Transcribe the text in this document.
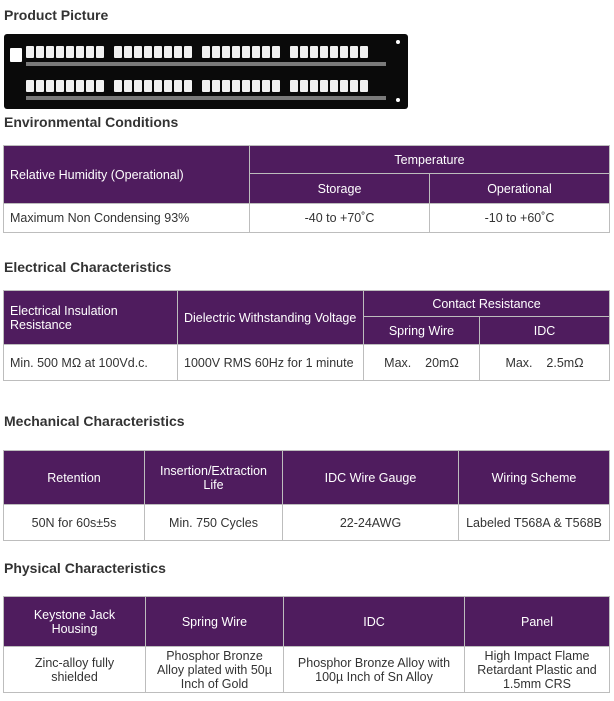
Product Picture
Environmental Conditions
Relative Humidity (Operational)	Temperature	
	Storage	Operational
Maximum Non Condensing 93%	-40 to +70˚C	-10 to +60˚C
Electrical Characteristics
Electrical Insulation Resistance	Dielectric Withstanding Voltage	Contact Resistance	
		Spring Wire	IDC
Min. 500 MΩ at 100Vd.c.	1000V RMS 60Hz for 1 minute	Max.    20mΩ	Max.    2.5mΩ
Mechanical Characteristics
Retention	Insertion/Extraction Life	IDC Wire Gauge	Wiring Scheme
50N for 60s±5s	Min. 750 Cycles	22-24AWG	Labeled T568A & T568B
Physical Characteristics
Keystone Jack Housing	Spring Wire	IDC	Panel
Zinc-alloy fully shielded	Phosphor Bronze Alloy plated with 50µ Inch of Gold	Phosphor Bronze Alloy with 100µ Inch of Sn Alloy	High Impact Flame Retardant Plastic and 1.5mm CRS
